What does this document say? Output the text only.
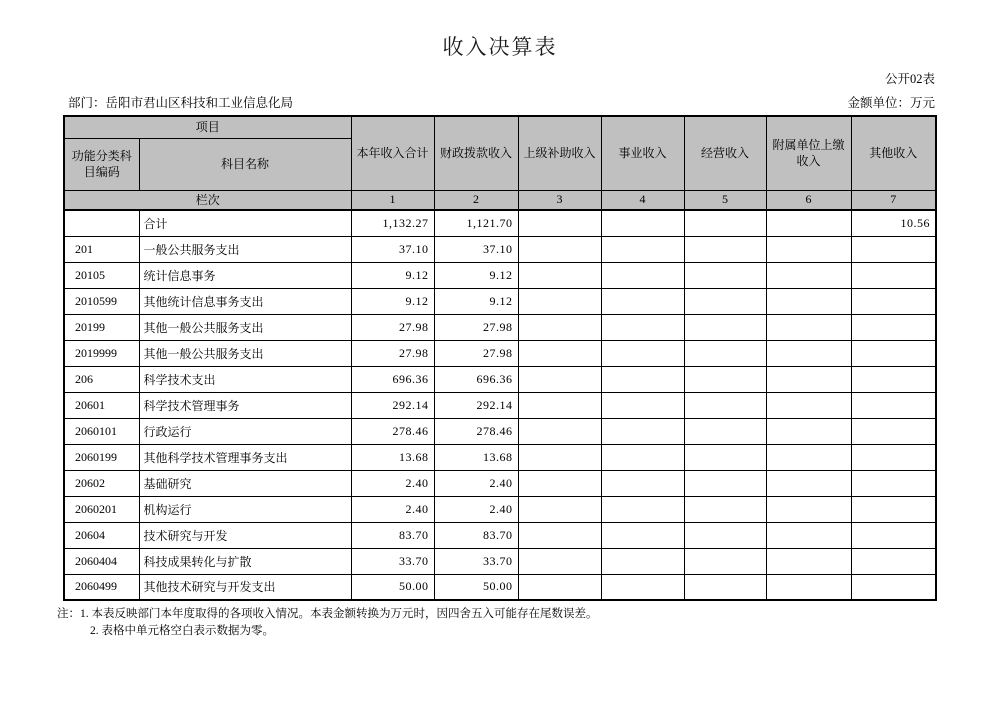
收入决算表
公开02表
部门：岳阳市君山区科技和工业信息化局	金额单位：万元
项目		本年收入合计	财政拨款收入	上级补助收入	事业收入	经营收入	附属单位上缴收入	其他收入
功能分类科目编码	科目名称							
栏次		1	2	3	4	5	6	7
	合计	1,132.27	1,121.70					10.56
201	一般公共服务支出	37.10	37.10					
20105	统计信息事务	9.12	9.12					
2010599	其他统计信息事务支出	9.12	9.12					
20199	其他一般公共服务支出	27.98	27.98					
2019999	其他一般公共服务支出	27.98	27.98					
206	科学技术支出	696.36	696.36					
20601	科学技术管理事务	292.14	292.14					
2060101	行政运行	278.46	278.46					
2060199	其他科学技术管理事务支出	13.68	13.68					
20602	基础研究	2.40	2.40					
2060201	机构运行	2.40	2.40					
20604	技术研究与开发	83.70	83.70					
2060404	科技成果转化与扩散	33.70	33.70					
2060499	其他技术研究与开发支出	50.00	50.00					
注：1. 本表反映部门本年度取得的各项收入情况。本表金额转换为万元时，因四舍五入可能存在尾数误差。
2. 表格中单元格空白表示数据为零。
